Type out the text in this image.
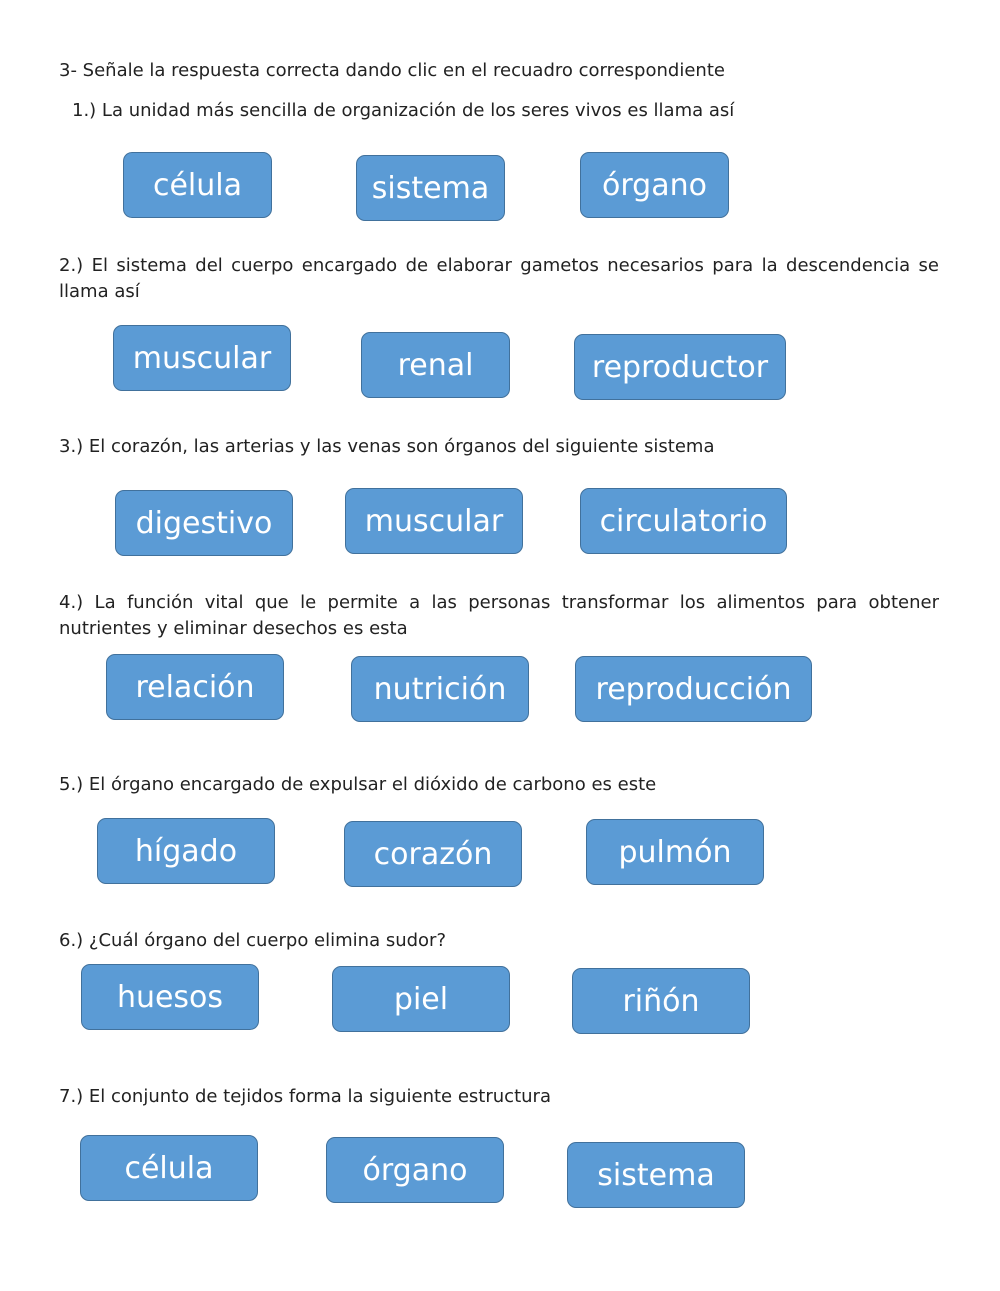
3- Señale la respuesta correcta dando clic en el recuadro correspondiente

1.) La unidad más sencilla de organización de los seres vivos es llama así

célula	sistema	órgano

2.) El sistema del cuerpo encargado de elaborar gametos necesarios para la descendencia se llama así

muscular	renal	reproductor

3.) El corazón, las arterias y las venas son órganos del siguiente sistema

digestivo	muscular	circulatorio

4.) La función vital que le permite a las personas transformar los alimentos para obtener nutrientes y eliminar desechos es esta

relación	nutrición	reproducción

5.) El órgano encargado de expulsar el dióxido de carbono es este

hígado	corazón	pulmón

6.) ¿Cuál órgano del cuerpo elimina sudor?

huesos	piel	riñón

7.) El conjunto de tejidos forma la siguiente estructura

célula	órgano	sistema
